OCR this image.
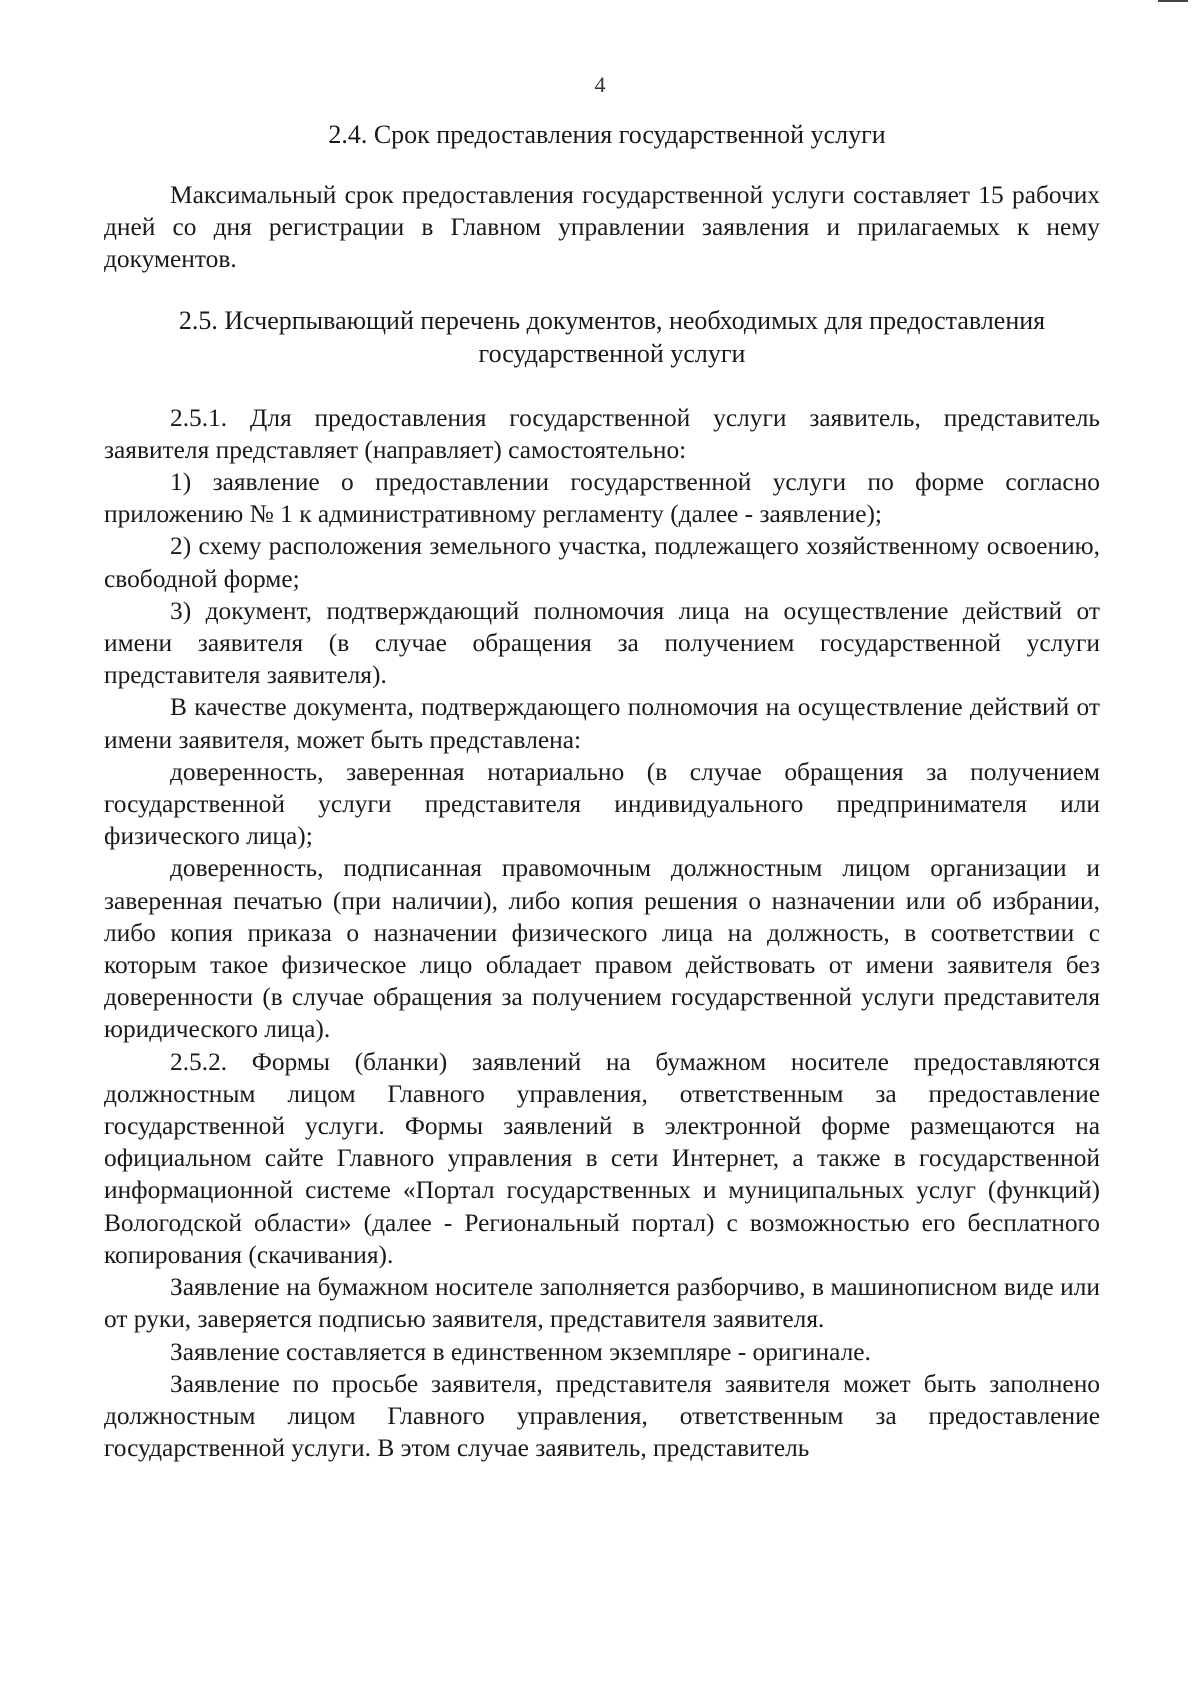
4
2.4. Срок предоставления государственной услуги

Максимальный срок предоставления государственной услуги составляет 15 рабочих дней со дня регистрации в Главном управлении заявления и прилагаемых к нему документов.

2.5. Исчерпывающий перечень документов, необходимых для предоставления государственной услуги

2.5.1. Для предоставления государственной услуги заявитель, представитель заявителя представляет (направляет) самостоятельно:

1) заявление о предоставлении государственной услуги по форме согласно приложению № 1 к административному регламенту (далее - заявление);

2) схему расположения земельного участка, подлежащего хозяйственному освоению, свободной форме;

3) документ, подтверждающий полномочия лица на осуществление действий от имени заявителя (в случае обращения за получением государственной услуги представителя заявителя).

В качестве документа, подтверждающего полномочия на осуществление действий от имени заявителя, может быть представлена:

доверенность, заверенная нотариально (в случае обращения за получением государственной услуги представителя индивидуального предпринимателя или физического лица);

доверенность, подписанная правомочным должностным лицом организации и заверенная печатью (при наличии), либо копия решения о назначении или об избрании, либо копия приказа о назначении физического лица на должность, в соответствии с которым такое физическое лицо обладает правом действовать от имени заявителя без доверенности (в случае обращения за получением государственной услуги представителя юридического лица).

2.5.2. Формы (бланки) заявлений на бумажном носителе предоставляются должностным лицом Главного управления, ответственным за предоставление государственной услуги. Формы заявлений в электронной форме размещаются на официальном сайте Главного управления в сети Интернет, а также в государственной информационной системе «Портал государственных и муниципальных услуг (функций) Вологодской области» (далее - Региональный портал) с возможностью его бесплатного копирования (скачивания).

Заявление на бумажном носителе заполняется разборчиво, в машинописном виде или от руки, заверяется подписью заявителя, представителя заявителя.

Заявление составляется в единственном экземпляре - оригинале.

Заявление по просьбе заявителя, представителя заявителя может быть заполнено должностным лицом Главного управления, ответственным за предоставление государственной услуги. В этом случае заявитель, представитель
